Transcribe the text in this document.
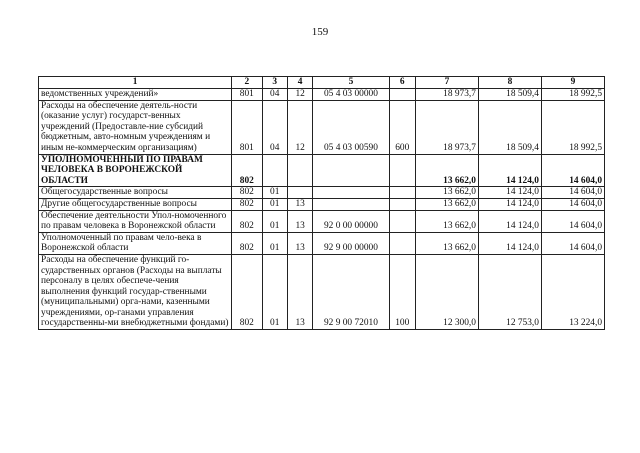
159
1	2	3	4	5	6	7	8	9
ведомственных учреждений»	801	04	12	05 4 03 00000		18 973,7	18 509,4	18 992,5
Расходы на обеспечение деятель-ности (оказание услуг) государст-венных учреждений (Предоставле-ние субсидий бюджетным, авто-номным учреждениям и иным не-коммерческим организациям)	801	04	12	05 4 03 00590	600	18 973,7	18 509,4	18 992,5
УПОЛНОМОЧЕННЫЙ ПО ПРАВАМ ЧЕЛОВЕКА В ВОРОНЕЖСКОЙ ОБЛАСТИ	802					13 662,0	14 124,0	14 604,0
Общегосударственные вопросы	802	01				13 662,0	14 124,0	14 604,0
Другие общегосударственные вопросы	802	01	13			13 662,0	14 124,0	14 604,0
Обеспечение деятельности Упол-номоченного по правам человека в Воронежской области	802	01	13	92 0 00 00000		13 662,0	14 124,0	14 604,0
Уполномоченный по правам чело-века в Воронежской области	802	01	13	92 9 00 00000		13 662,0	14 124,0	14 604,0
Расходы на обеспечение функций го-сударственных органов (Расходы на выплаты персоналу в целях обеспече-чения выполнения функций государ-ственными (муниципальными) орга-нами, казенными учреждениями, ор-ганами управления государственны-ми внебюджетными фондами)	802	01	13	92 9 00 72010	100	12 300,0	12 753,0	13 224,0
